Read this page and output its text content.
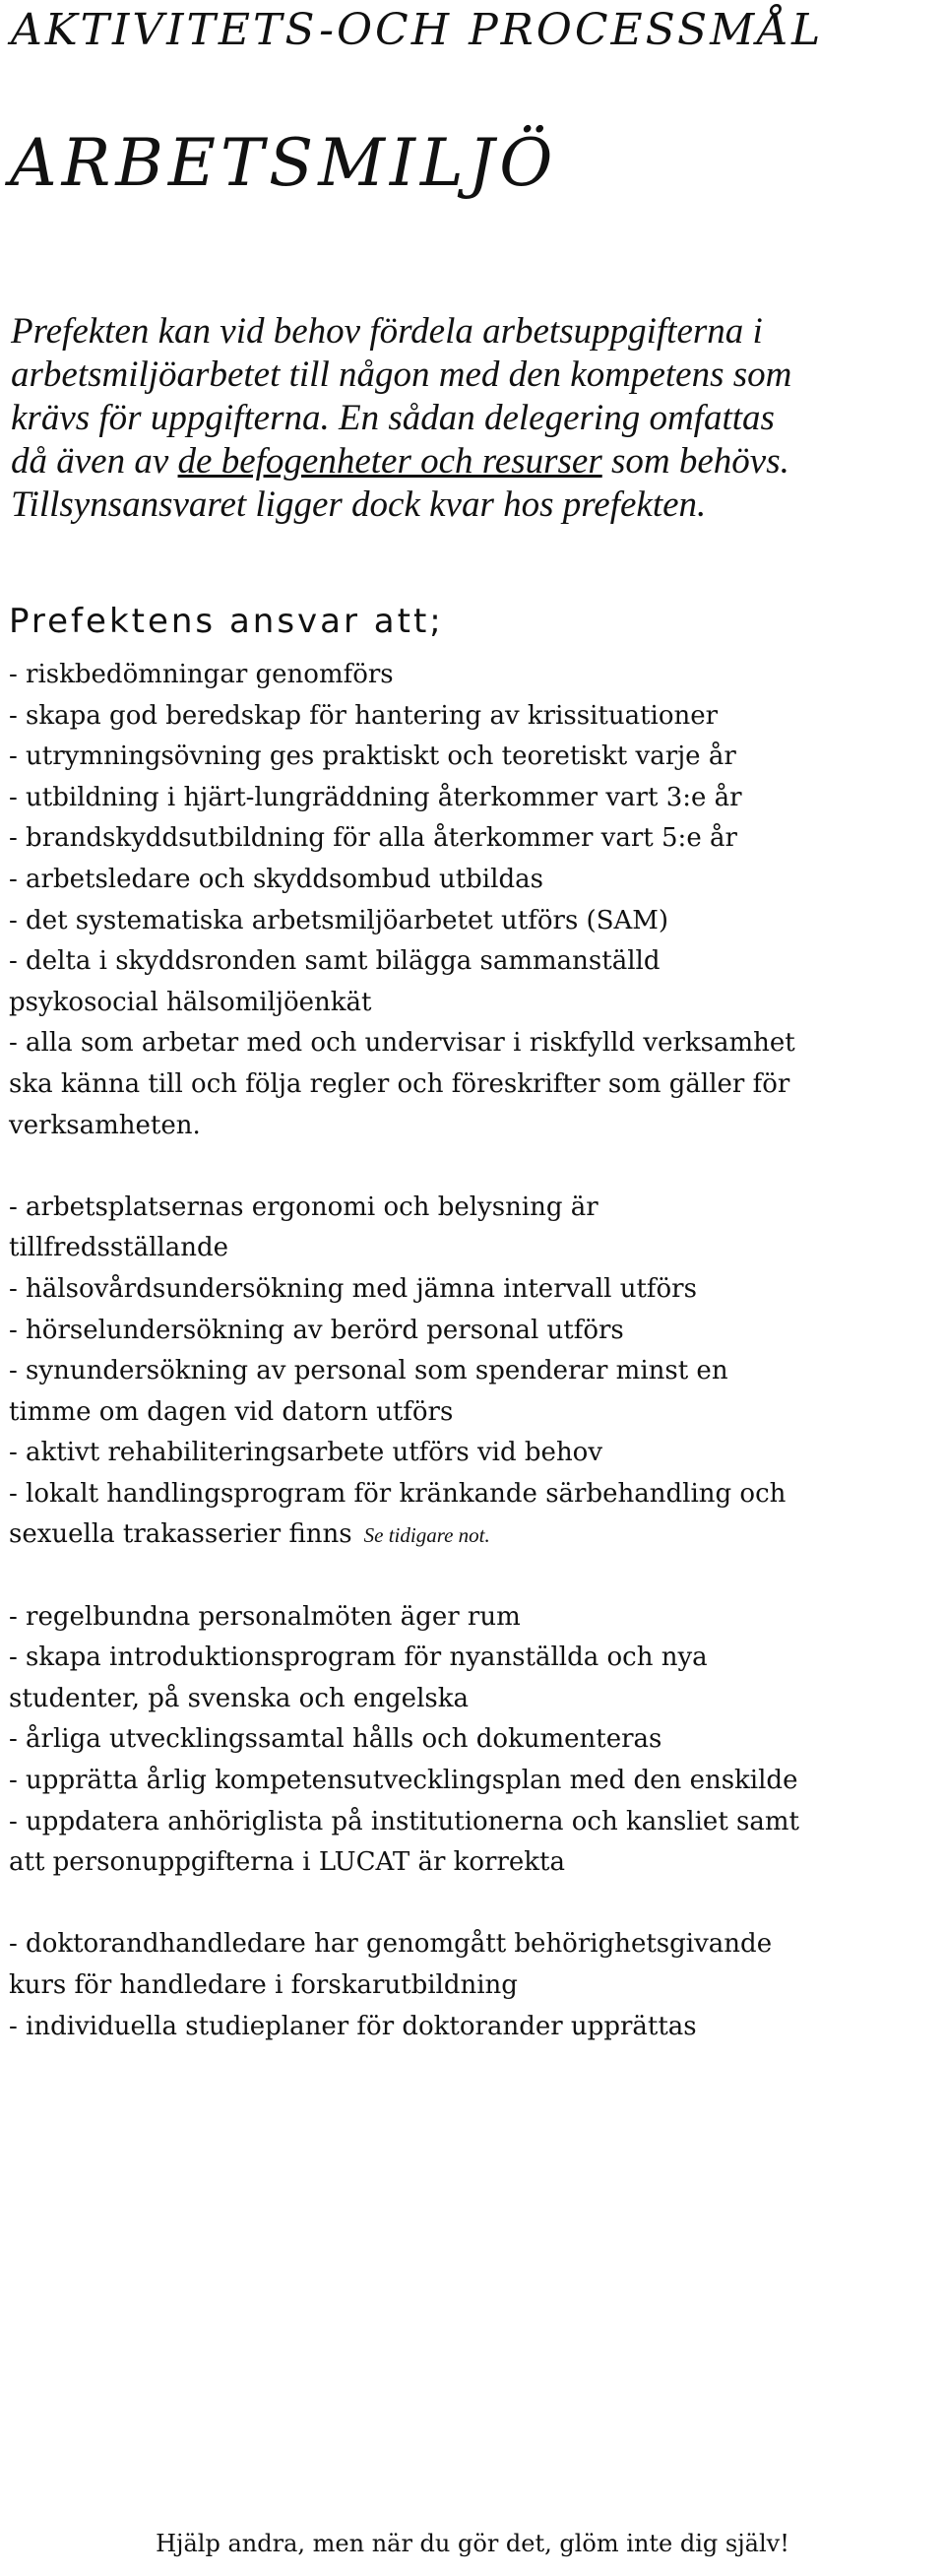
AKTIVITETS-OCH PROCESSMÅL
ARBETSMILJÖ
Prefekten kan vid behov fördela arbetsuppgifterna i
arbetsmiljöarbetet till någon med den kompetens som
krävs för uppgifterna. En sådan delegering omfattas
då även av de befogenheter och resurser som behövs.
Tillsynsansvaret ligger dock kvar hos prefekten.
Prefektens ansvar att;
- riskbedömningar genomförs
- skapa god beredskap för hantering av krissituationer
- utrymningsövning ges praktiskt och teoretiskt varje år
- utbildning i hjärt-lungräddning återkommer vart 3:e år
- brandskyddsutbildning för alla återkommer vart 5:e år
- arbetsledare och skyddsombud utbildas
- det systematiska arbetsmiljöarbetet utförs (SAM)
- delta i skyddsronden samt bilägga sammanställd
psykosocial hälsomiljöenkät
- alla som arbetar med och undervisar i riskfylld verksamhet
ska känna till och följa regler och föreskrifter som gäller för
verksamheten.
- arbetsplatsernas ergonomi och belysning är
tillfredsställande
- hälsovårdsundersökning med jämna intervall utförs
- hörselundersökning av berörd personal utförs
- synundersökning av personal som spenderar minst en
timme om dagen vid datorn utförs
- aktivt rehabiliteringsarbete utförs vid behov
- lokalt handlingsprogram för kränkande särbehandling och
sexuella trakasserier finns Se tidigare not.
- regelbundna personalmöten äger rum
- skapa introduktionsprogram för nyanställda och nya
studenter, på svenska och engelska
- årliga utvecklingssamtal hålls och dokumenteras
- upprätta årlig kompetensutvecklingsplan med den enskilde
- uppdatera anhöriglista på institutionerna och kansliet samt
att personuppgifterna i LUCAT är korrekta
- doktorandhandledare har genomgått behörighetsgivande
kurs för handledare i forskarutbildning
- individuella studieplaner för doktorander upprättas
Hjälp andra, men när du gör det, glöm inte dig själv!
